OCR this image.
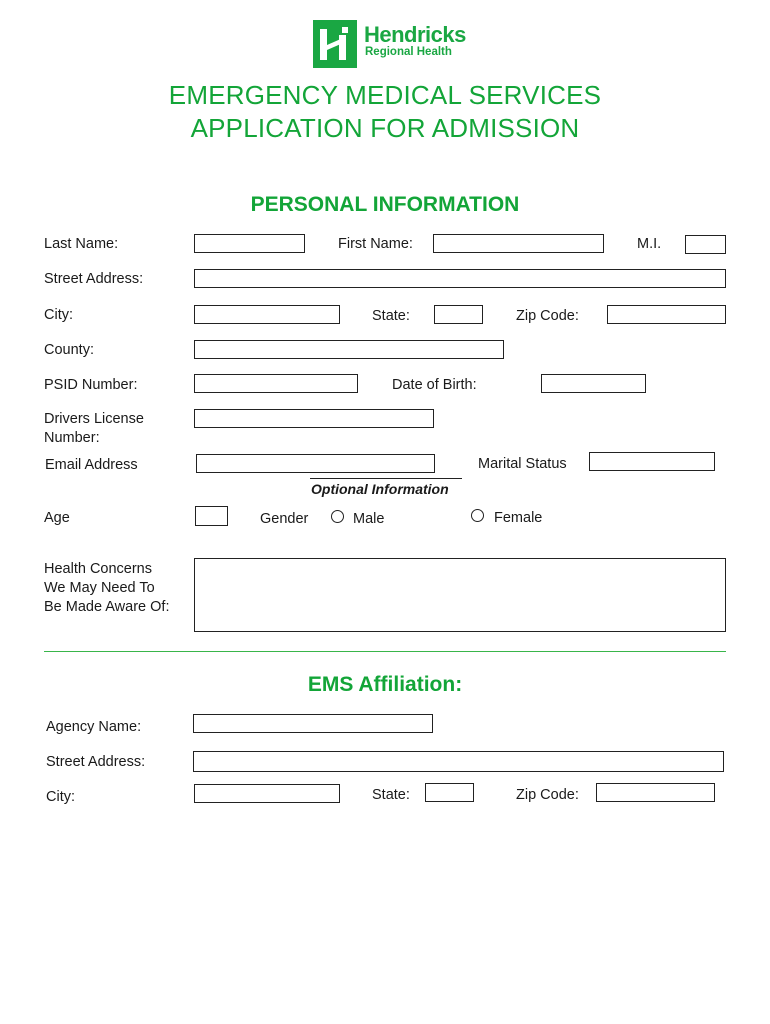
Hendricks
Regional Health
EMERGENCY MEDICAL SERVICES
APPLICATION FOR ADMISSION
PERSONAL INFORMATION
Last Name:	First Name:	M.I.
Street Address:
City:	State:	Zip Code:
County:
PSID Number:	Date of Birth:
Drivers License
Number:
Email Address	Marital Status
Optional Information
Age	Gender	Male	Female
Health Concerns
We May Need To
Be Made Aware Of:
EMS Affiliation:
Agency Name:
Street Address:
City:	State:	Zip Code:
